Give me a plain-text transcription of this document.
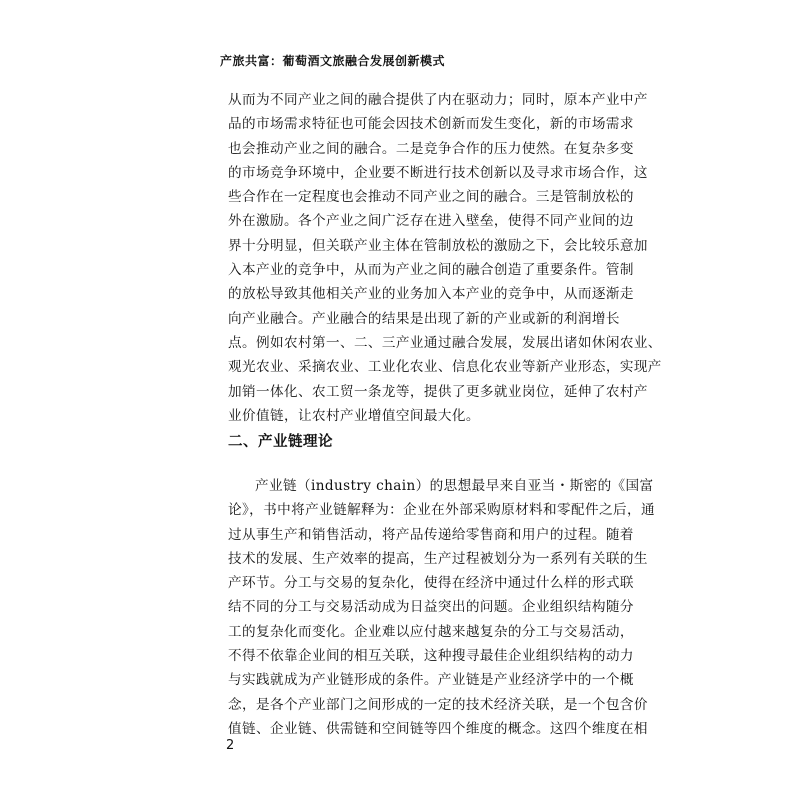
产旅共富：葡萄酒文旅融合发展创新模式
从而为不同产业之间的融合提供了内在驱动力；同时，原本产业中产
品的市场需求特征也可能会因技术创新而发生变化，新的市场需求
也会推动产业之间的融合。二是竞争合作的压力使然。在复杂多变
的市场竞争环境中，企业要不断进行技术创新以及寻求市场合作，这
些合作在一定程度也会推动不同产业之间的融合。三是管制放松的
外在激励。各个产业之间广泛存在进入壁垒，使得不同产业间的边
界十分明显，但关联产业主体在管制放松的激励之下，会比较乐意加
入本产业的竞争中，从而为产业之间的融合创造了重要条件。管制
的放松导致其他相关产业的业务加入本产业的竞争中，从而逐渐走
向产业融合。产业融合的结果是出现了新的产业或新的利润增长
点。例如农村第一、二、三产业通过融合发展，发展出诸如休闲农业、
观光农业、采摘农业、工业化农业、信息化农业等新产业形态，实现产
加销一体化、农工贸一条龙等，提供了更多就业岗位，延伸了农村产
业价值链，让农村产业增值空间最大化。
二、产业链理论
产业链（industry chain）的思想最早来自亚当・斯密的《国富
论》，书中将产业链解释为：企业在外部采购原材料和零配件之后，通
过从事生产和销售活动，将产品传递给零售商和用户的过程。随着
技术的发展、生产效率的提高，生产过程被划分为一系列有关联的生
产环节。分工与交易的复杂化，使得在经济中通过什么样的形式联
结不同的分工与交易活动成为日益突出的问题。企业组织结构随分
工的复杂化而变化。企业难以应付越来越复杂的分工与交易活动，
不得不依靠企业间的相互关联，这种搜寻最佳企业组织结构的动力
与实践就成为产业链形成的条件。产业链是产业经济学中的一个概
念，是各个产业部门之间形成的一定的技术经济关联，是一个包含价
值链、企业链、供需链和空间链等四个维度的概念。这四个维度在相
2
